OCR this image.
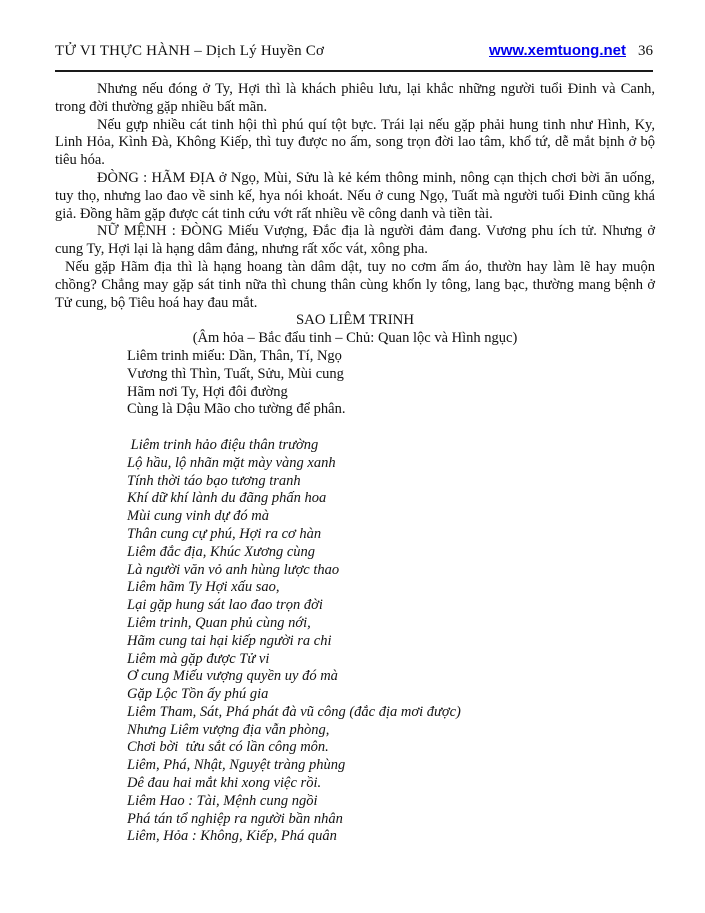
TỬ VI THỰC HÀNH – Dịch Lý Huyền Cơ	www.xemtuong.net 36

Nhưng nếu đóng ở Ty, Hợi thì là khách phiêu lưu, lại khắc những người tuổi Đinh và Canh, trong đời thường gặp nhiều bất mãn.

Nếu gựp nhiều cát tinh hội thì phú quí tột bực. Trái lại nếu gặp phải hung tinh như Hình, Ky, Linh Hỏa, Kình Đà, Không Kiếp, thì tuy được no ấm, song trọn đời lao tâm, khổ tứ, dễ mắt bịnh ở bộ tiêu hóa.

ĐÒNG : HÃM ĐỊA ở Ngọ, Mùi, Sửu là kẻ kém thông minh, nông cạn thịch chơi bời ăn uống, tuy thọ, nhưng lao đao về sinh kế, hya nói khoát. Nếu ở cung Ngọ, Tuất mà người tuổi Đinh cũng khá giả. Đồng hãm gặp được cát tinh cứu vớt rất nhiều về công danh và tiền tài.

NỮ MỆNH : ĐÒNG Miếu Vượng, Đắc địa là người đảm đang. Vương phu ích tử. Nhưng ở cung Ty, Hợi lại là hạng dâm đảng, nhưng rất xốc vát, xông pha.

Nếu gặp Hãm địa thì là hạng hoang tàn dâm dật, tuy no cơm ấm áo, thườn hay làm lẽ hay muộn chồng? Chẳng may gặp sát tinh nữa thì chung thân cùng khốn ly tông, lang bạc, thường mang bệnh ở Tử cung, bộ Tiêu hoá hay đau mắt.

SAO LIÊM TRINH
(Âm hỏa – Bắc đẩu tinh – Chủ: Quan lộc và Hình ngục)
Liêm trinh miếu: Dần, Thân, Tí, Ngọ
Vương thì Thìn, Tuất, Sửu, Mùi cung
Hãm nơi Ty, Hợi đôi đường
Cùng là Dậu Mão cho tường để phân.
Liêm trinh hảo điệu thân trường
Lộ hầu, lộ nhãn mặt mày vàng xanh
Tính thời táo bạo tương tranh
Khí dữ khí lành du đãng phấn hoa
Mùi cung vinh dự đó mà
Thân cung cự phú, Hợi ra cơ hàn
Liêm đắc địa, Khúc Xương cùng
Là người văn vỏ anh hùng lược thao
Liêm hãm Ty Hợi xấu sao,
Lại gặp hung sát lao đao trọn đời
Liêm trinh, Quan phủ cùng nới,
Hãm cung tai hại kiếp người ra chi
Liêm mà gặp được Tử vi
Ơ cung Miếu vượng quyền uy đó mà
Gặp Lộc Tồn ấy phú gia
Liêm Tham, Sát, Phá phát đà vũ công (đắc địa mơi được)
Nhưng Liêm vượng địa vẫn phòng,
Chơi bời  tửu sắt có lần công môn.
Liêm, Phá, Nhật, Nguyệt tràng phùng
Dê đau hai mắt khi xong việc rồi.
Liêm Hao : Tài, Mệnh cung ngồi
Phá tán tổ nghiệp ra người bần nhân
Liêm, Hỏa : Không, Kiếp, Phá quân
